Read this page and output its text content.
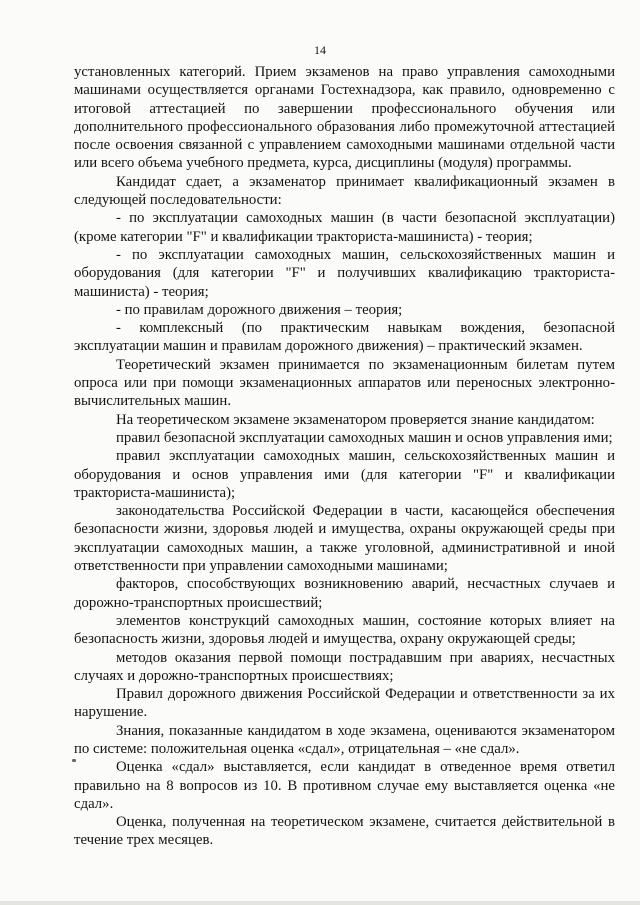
14

установленных категорий. Прием экзаменов на право управления самоходными машинами осуществляется органами Гостехнадзора, как правило, одновременно с итоговой аттестацией по завершении профессионального обучения или дополнительного профессионального образования либо промежуточной аттестацией после освоения связанной с управлением самоходными машинами отдельной части или всего объема учебного предмета, курса, дисциплины (модуля) программы.

Кандидат сдает, а экзаменатор принимает квалификационный экзамен в следующей последовательности:

- по эксплуатации самоходных машин (в части безопасной эксплуатации) (кроме категории "F" и квалификации тракториста-машиниста) - теория;

- по эксплуатации самоходных машин, сельскохозяйственных машин и оборудования (для категории "F" и получивших квалификацию тракториста-машиниста) - теория;

- по правилам дорожного движения – теория;

- комплексный (по практическим навыкам вождения, безопасной эксплуатации машин и правилам дорожного движения) – практический экзамен.

Теоретический экзамен принимается по экзаменационным билетам путем опроса или при помощи экзаменационных аппаратов или переносных электронно-вычислительных машин.

На теоретическом экзамене экзаменатором проверяется знание кандидатом:

правил безопасной эксплуатации самоходных машин и основ управления ими;

правил эксплуатации самоходных машин, сельскохозяйственных машин и оборудования и основ управления ими (для категории "F" и квалификации тракториста-машиниста);

законодательства Российской Федерации в части, касающейся обеспечения безопасности жизни, здоровья людей и имущества, охраны окружающей среды при эксплуатации самоходных машин, а также уголовной, административной и иной ответственности при управлении самоходными машинами;

факторов, способствующих возникновению аварий, несчастных случаев и дорожно-транспортных происшествий;

элементов конструкций самоходных машин, состояние которых влияет на безопасность жизни, здоровья людей и имущества, охрану окружающей среды;

методов оказания первой помощи пострадавшим при авариях, несчастных случаях и дорожно-транспортных происшествиях;

Правил дорожного движения Российской Федерации и ответственности за их нарушение.

Знания, показанные кандидатом в ходе экзамена, оцениваются экзаменатором по системе: положительная оценка «сдал», отрицательная – «не сдал».

Оценка «сдал» выставляется, если кандидат в отведенное время ответил правильно на 8 вопросов из 10. В противном случае ему выставляется оценка «не сдал».

Оценка, полученная на теоретическом экзамене, считается действительной в течение трех месяцев.
